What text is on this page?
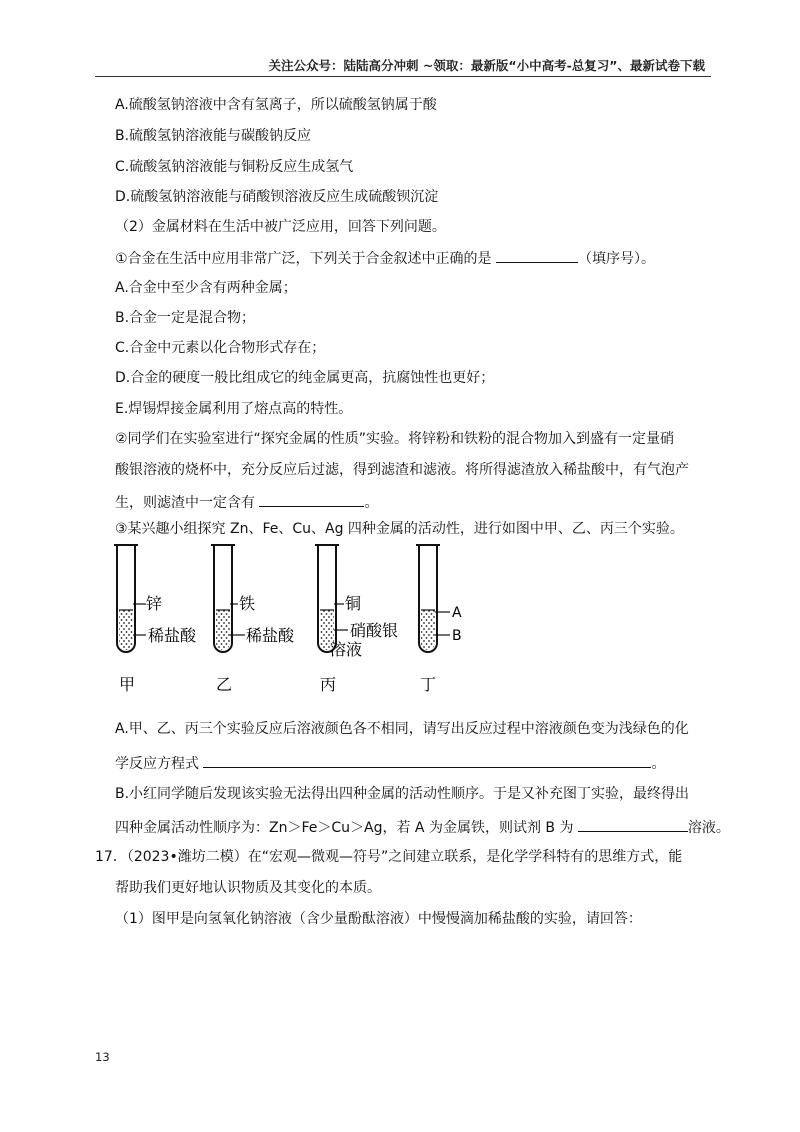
关注公众号：陆陆高分冲刺 ~领取：最新版“小中高考-总复习”、最新试卷下载
A.硫酸氢钠溶液中含有氢离子，所以硫酸氢钠属于酸
B.硫酸氢钠溶液能与碳酸钠反应
C.硫酸氢钠溶液能与铜粉反应生成氢气
D.硫酸氢钠溶液能与硝酸钡溶液反应生成硫酸钡沉淀
（2）金属材料在生活中被广泛应用，回答下列问题。
①合金在生活中应用非常广泛，下列关于合金叙述中正确的是	（填序号）。
A.合金中至少含有两种金属；
B.合金一定是混合物；
C.合金中元素以化合物形式存在；
D.合金的硬度一般比组成它的纯金属更高，抗腐蚀性也更好；
E.焊锡焊接金属利用了熔点高的特性。
②同学们在实验室进行“探究金属的性质”实验。将锌粉和铁粉的混合物加入到盛有一定量硝
酸银溶液的烧杯中，充分反应后过滤，得到滤渣和滤液。将所得滤渣放入稀盐酸中，有气泡产
生，则滤渣中一定含有	。
③某兴趣小组探究 Zn、Fe、Cu、Ag 四种金属的活动性，进行如图中甲、乙、丙三个实验。
锌
稀盐酸
甲
铁
稀盐酸
乙
铜
硝酸银
溶液
丙
A
B
丁
A.甲、乙、丙三个实验反应后溶液颜色各不相同，请写出反应过程中溶液颜色变为浅绿色的化
学反应方程式	。
B.小红同学随后发现该实验无法得出四种金属的活动性顺序。于是又补充图丁实验，最终得出
四种金属活动性顺序为：Zn＞Fe＞Cu＞Ag，若 A 为金属铁，则试剂 B 为	溶液。
17．（2023•潍坊二模）在“宏观—微观—符号”之间建立联系，是化学学科特有的思维方式，能
帮助我们更好地认识物质及其变化的本质。
（1）图甲是向氢氧化钠溶液（含少量酚酞溶液）中慢慢滴加稀盐酸的实验，请回答：
13
